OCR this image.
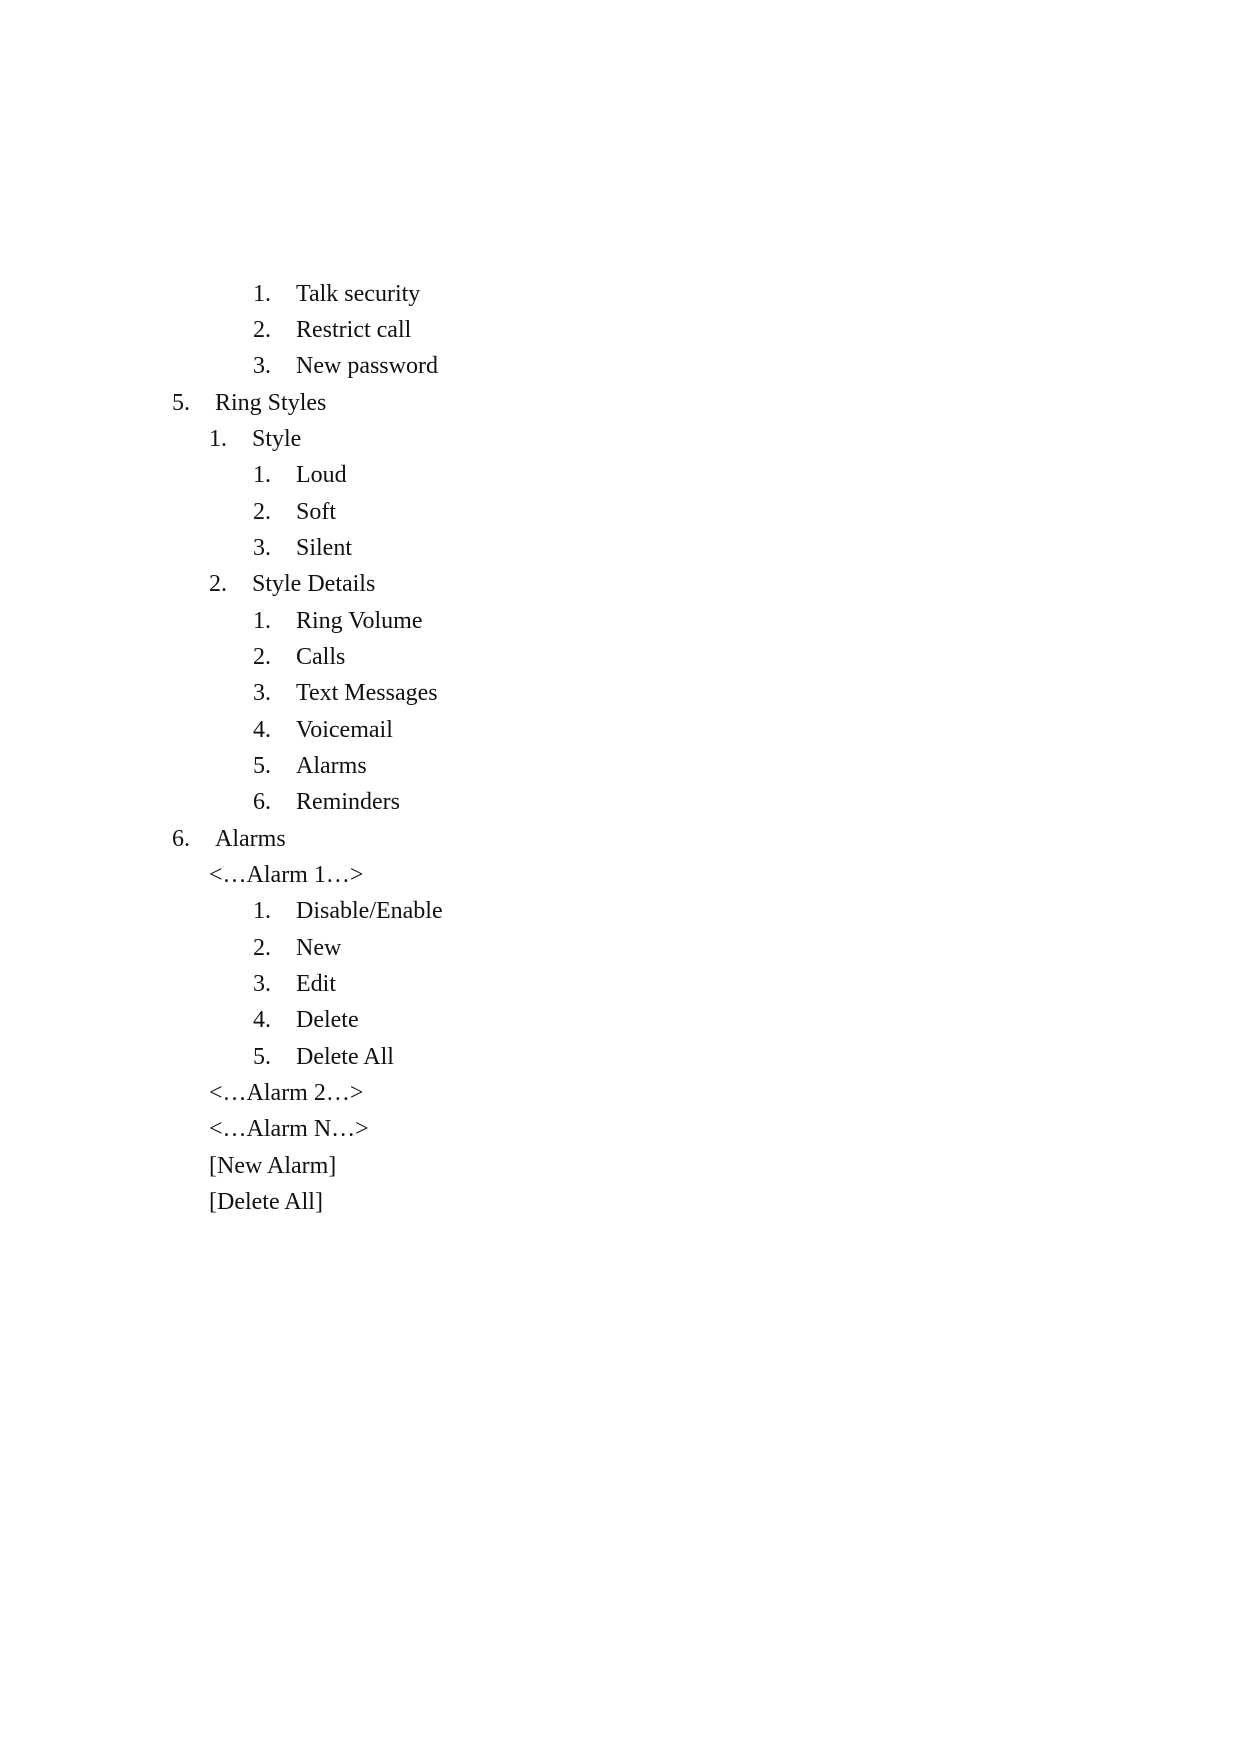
1. Talk security
2. Restrict call
3. New password
5. Ring Styles
1. Style
1. Loud
2. Soft
3. Silent
2. Style Details
1. Ring Volume
2. Calls
3. Text Messages
4. Voicemail
5. Alarms
6. Reminders
6. Alarms
<…Alarm 1…>
1. Disable/Enable
2. New
3. Edit
4. Delete
5. Delete All
<…Alarm 2…>
<…Alarm N…>
[New Alarm]
[Delete All]
